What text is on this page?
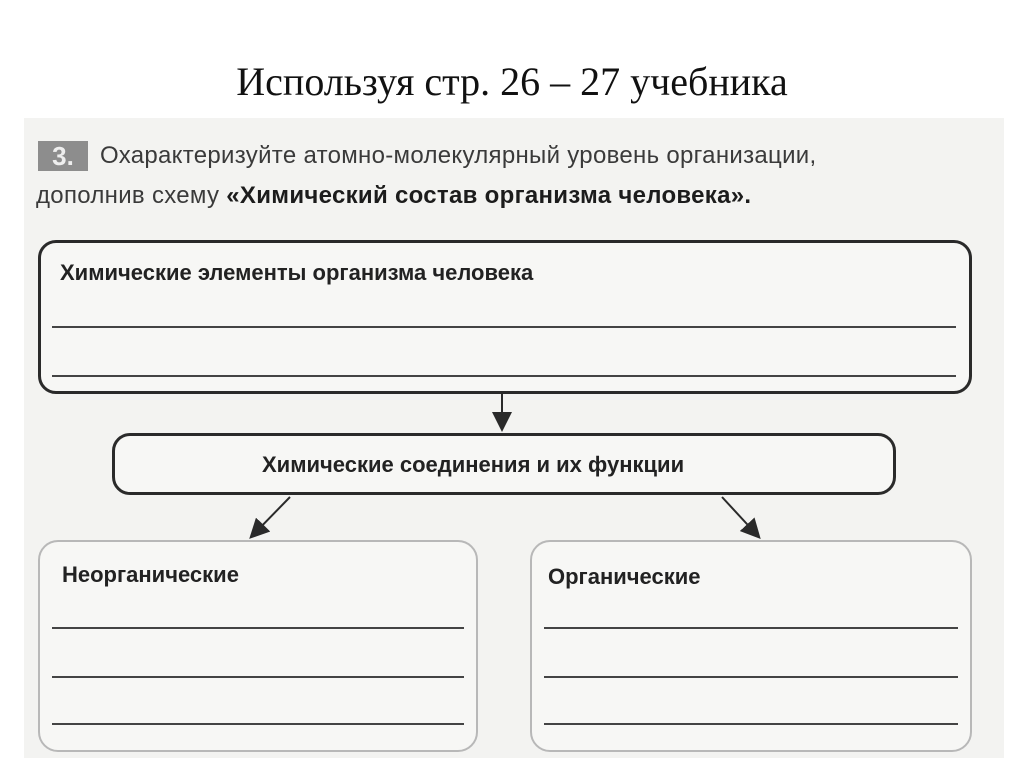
Используя стр. 26 – 27 учебника
3.	Охарактеризуйте атомно-молекулярный уровень организации,
дополнив схему «Химический состав организма человека».
Химические элементы организма человека
Химические соединения и их функции
Неорганические	Органические
